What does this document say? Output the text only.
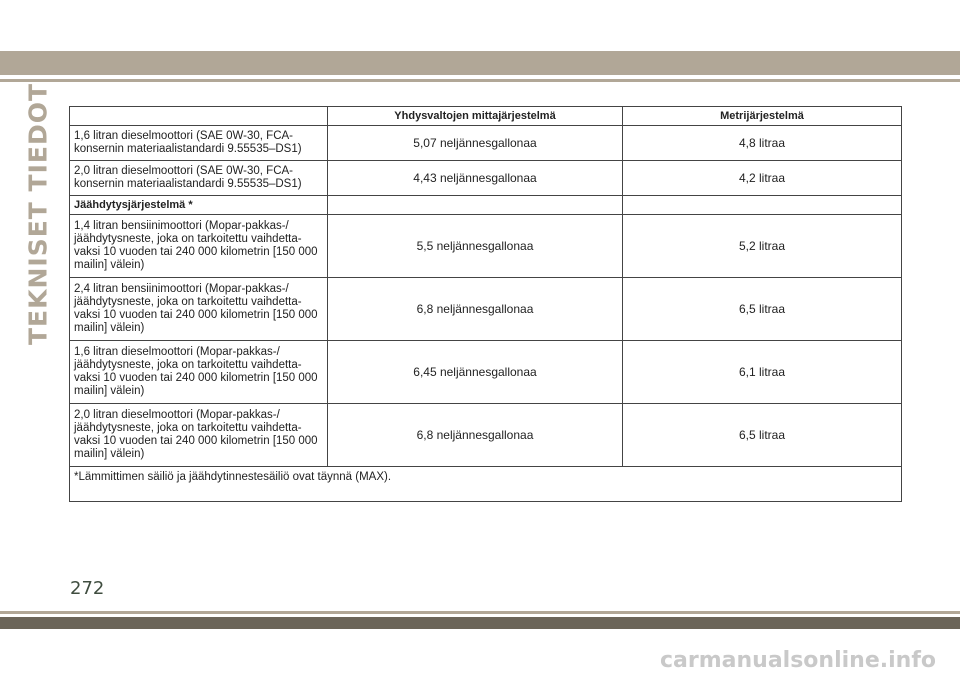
TEKNISET TIEDOT
		Yhdysvaltojen mittajärjestelmä	Metrijärjestelmä
1,6 litran dieselmoottori (SAE 0W-30, FCA-konsernin materiaalistandardi 9.55535–DS1)	5,07 neljännesgallonaa	4,8 litraa
2,0 litran dieselmoottori (SAE 0W-30, FCA-konsernin materiaalistandardi 9.55535–DS1)	4,43 neljännesgallonaa	4,2 litraa
Jäähdytysjärjestelmä *		
1,4 litran bensiinimoottori (Mopar-pakkas-/ jäähdytysneste, joka on tarkoitettu vaihdetta-vaksi 10 vuoden tai 240 000 kilometrin [150 000 mailin] välein)	5,5 neljännesgallonaa	5,2 litraa
2,4 litran bensiinimoottori (Mopar-pakkas-/ jäähdytysneste, joka on tarkoitettu vaihdetta-vaksi 10 vuoden tai 240 000 kilometrin [150 000 mailin] välein)	6,8 neljännesgallonaa	6,5 litraa
1,6 litran dieselmoottori (Mopar-pakkas-/ jäähdytysneste, joka on tarkoitettu vaihdetta-vaksi 10 vuoden tai 240 000 kilometrin [150 000 mailin] välein)	6,45 neljännesgallonaa	6,1 litraa
2,0 litran dieselmoottori (Mopar-pakkas-/ jäähdytysneste, joka on tarkoitettu vaihdetta-vaksi 10 vuoden tai 240 000 kilometrin [150 000 mailin] välein)	6,8 neljännesgallonaa	6,5 litraa
*Lämmittimen säiliö ja jäähdytinnestesäiliö ovat täynnä (MAX).		
272
carmanualsonline.info
